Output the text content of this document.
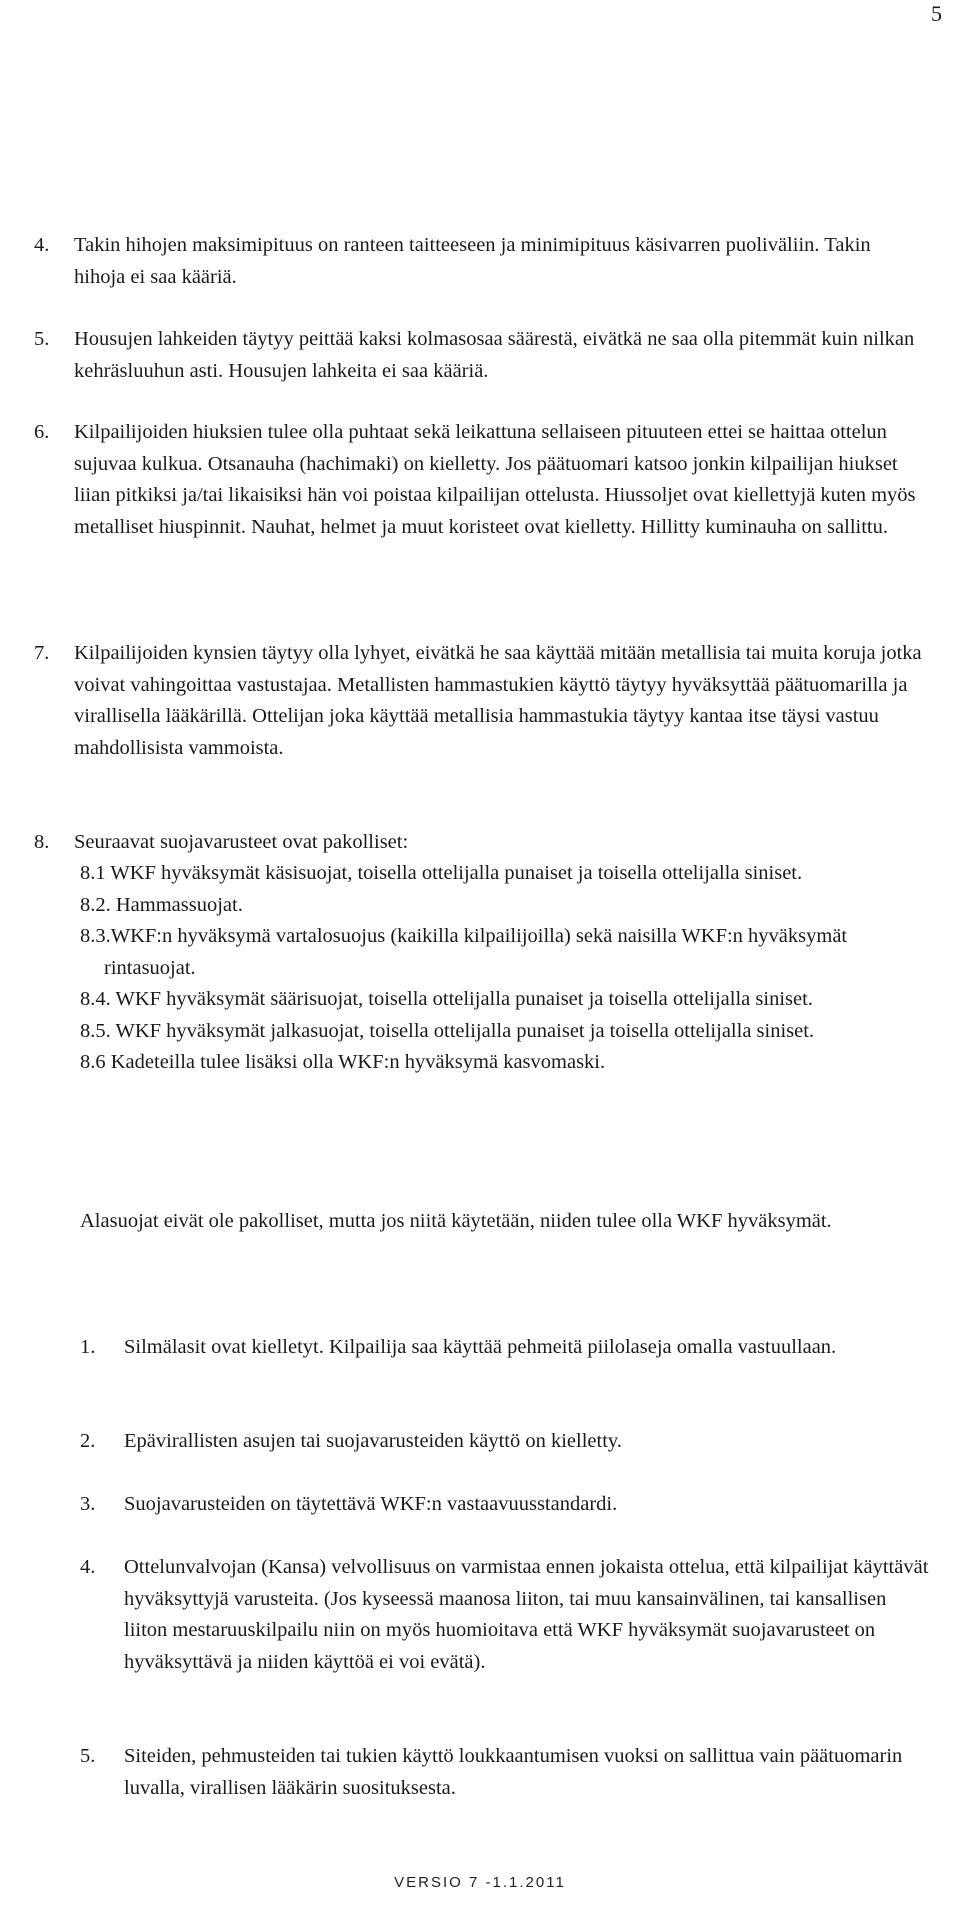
5

4. Takin hihojen maksimipituus on ranteen taitteeseen ja minimipituus käsivarren puoliväliin. Takin hihoja ei saa kääriä.

5. Housujen lahkeiden täytyy peittää kaksi kolmasosaa säärestä, eivätkä ne saa olla pitemmät kuin nilkan kehräsluuhun asti. Housujen lahkeita ei saa kääriä.

6. Kilpailijoiden hiuksien tulee olla puhtaat sekä leikattuna sellaiseen pituuteen ettei se haittaa ottelun sujuvaa kulkua. Otsanauha (hachimaki) on kielletty. Jos päätuomari katsoo jonkin kilpailijan hiukset liian pitkiksi ja/tai likaisiksi hän voi poistaa kilpailijan ottelusta. Hiussoljet ovat kiellettyjä kuten myös metalliset hiuspinnit. Nauhat, helmet ja muut koristeet ovat kielletty. Hillitty kuminauha on sallittu.

7. Kilpailijoiden kynsien täytyy olla lyhyet, eivätkä he saa käyttää mitään metallisia tai muita koruja jotka voivat vahingoittaa vastustajaa. Metallisten hammastukien käyttö täytyy hyväksyttää päätuomarilla ja virallisella lääkärillä. Ottelijan joka käyttää metallisia hammastukia täytyy kantaa itse täysi vastuu mahdollisista vammoista.

8. Seuraavat suojavarusteet ovat pakolliset:

8.1 WKF hyväksymät käsisuojat, toisella ottelijalla punaiset ja toisella ottelijalla siniset.

8.2. Hammassuojat.

8.3.WKF:n hyväksymä vartalosuojus (kaikilla kilpailijoilla) sekä naisilla WKF:n hyväksymät rintasuojat.

8.4. WKF hyväksymät säärisuojat, toisella ottelijalla punaiset ja toisella ottelijalla siniset.

8.5. WKF hyväksymät jalkasuojat, toisella ottelijalla punaiset ja toisella ottelijalla siniset.

8.6 Kadeteilla tulee lisäksi olla WKF:n hyväksymä kasvomaski.

Alasuojat eivät ole pakolliset, mutta jos niitä käytetään, niiden tulee olla WKF hyväksymät.

1. Silmälasit ovat kielletyt. Kilpailija saa käyttää pehmeitä piilolaseja omalla vastuullaan.

2. Epävirallisten asujen tai suojavarusteiden käyttö on kielletty.

3. Suojavarusteiden on täytettävä WKF:n vastaavuusstandardi.

4. Ottelunvalvojan (Kansa) velvollisuus on varmistaa ennen jokaista ottelua, että kilpailijat käyttävät hyväksyttyjä varusteita. (Jos kyseessä maanosa liiton, tai muu kansainvälinen, tai kansallisen liiton mestaruuskilpailu niin on myös huomioitava että WKF hyväksymät suojavarusteet on hyväksyttävä ja niiden käyttöä ei voi evätä).

5. Siteiden, pehmusteiden tai tukien käyttö loukkaantumisen vuoksi on sallittua vain päätuomarin luvalla, virallisen lääkärin suosituksesta.

VERSIO 7 -1.1.2011
